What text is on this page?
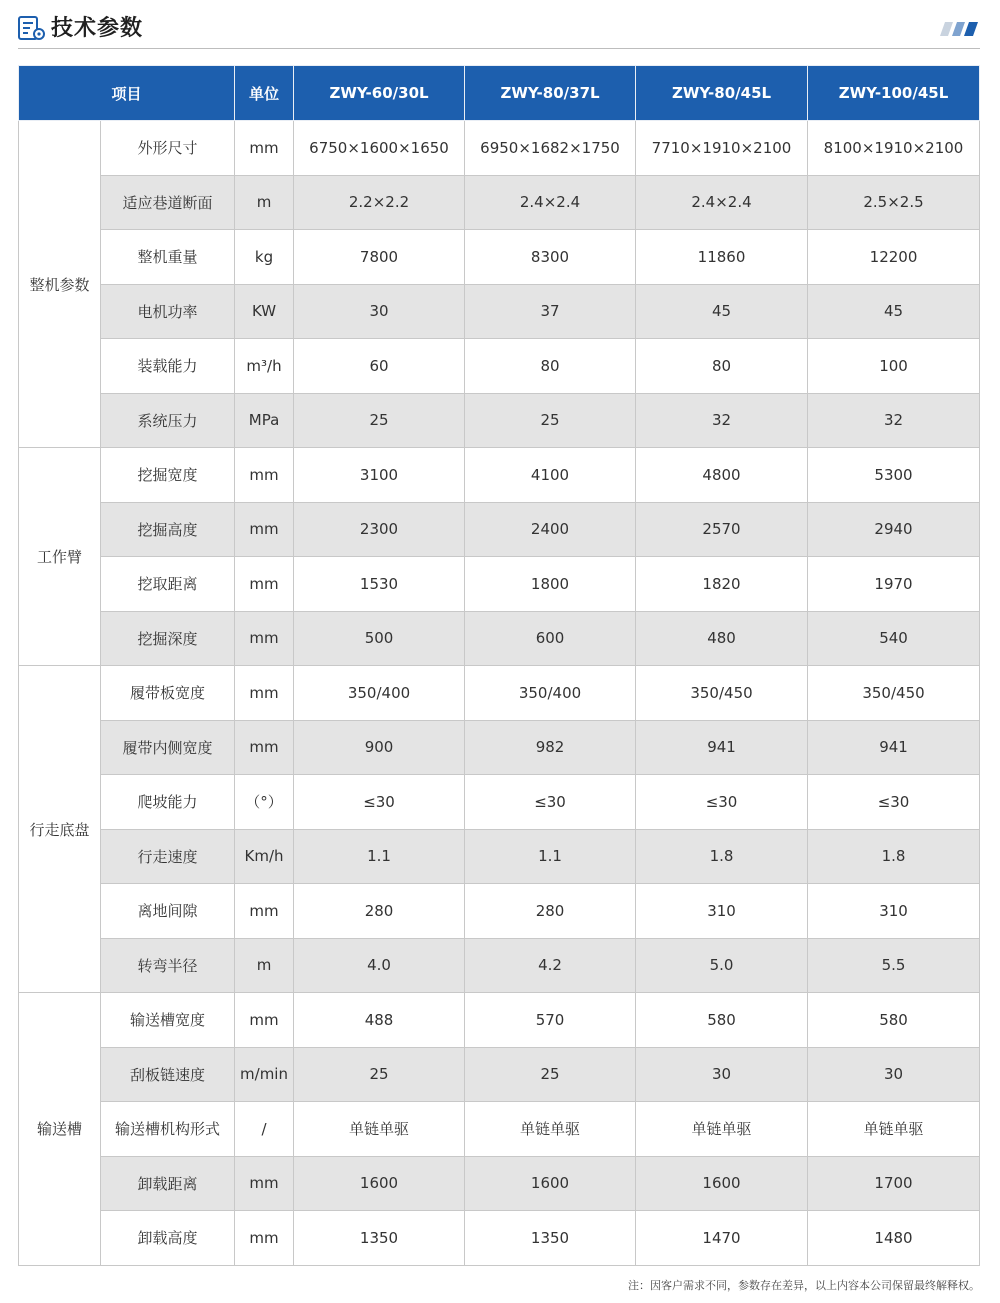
技术参数
项目		单位	ZWY-60/30L	ZWY-80/37L	ZWY-80/45L	ZWY-100/45L
整机参数	外形尺寸	mm	6750×1600×1650	6950×1682×1750	7710×1910×2100	8100×1910×2100
	适应巷道断面	m	2.2×2.2	2.4×2.4	2.4×2.4	2.5×2.5
	整机重量	kg	7800	8300	11860	12200
	电机功率	KW	30	37	45	45
	装载能力	m³/h	60	80	80	100
	系统压力	MPa	25	25	32	32
工作臂	挖掘宽度	mm	3100	4100	4800	5300
	挖掘高度	mm	2300	2400	2570	2940
	挖取距离	mm	1530	1800	1820	1970
	挖掘深度	mm	500	600	480	540
行走底盘	履带板宽度	mm	350/400	350/400	350/450	350/450
	履带内侧宽度	mm	900	982	941	941
	爬坡能力	（°）	≤30	≤30	≤30	≤30
	行走速度	Km/h	1.1	1.1	1.8	1.8
	离地间隙	mm	280	280	310	310
	转弯半径	m	4.0	4.2	5.0	5.5
输送槽	输送槽宽度	mm	488	570	580	580
	刮板链速度	m/min	25	25	30	30
	输送槽机构形式	/	单链单驱	单链单驱	单链单驱	单链单驱
	卸载距离	mm	1600	1600	1600	1700
	卸载高度	mm	1350	1350	1470	1480
注：因客户需求不同，参数存在差异，以上内容本公司保留最终解释权。
